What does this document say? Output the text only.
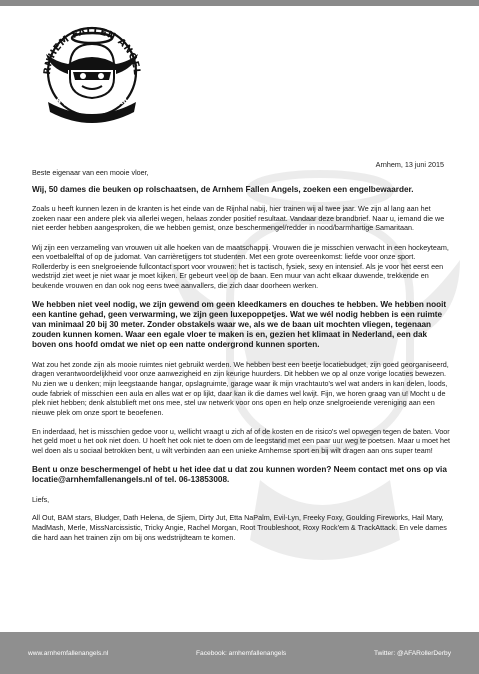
RNHEM FALLEN ANGEL
A BITCH TOO FAR
Arnhem, 13 juni 2015

Beste eigenaar van een mooie vloer,

Wij, 50 dames die beuken op rolschaatsen, de Arnhem Fallen Angels, zoeken een engelbewaarder.

Zoals u heeft kunnen lezen in de kranten is het einde van de Rijnhal nabij, hier trainen wij al twee jaar. We zijn al lang aan het zoeken naar een andere plek via allerlei wegen, helaas zonder positief resultaat. Vandaar deze brandbrief. Naar u, iemand die we niet eerder hebben aangesproken, die we hebben gemist, onze beschermengel/redder in nood/barmhartige Samaritaan.

Wij zijn een verzameling van vrouwen uit alle hoeken van de maatschappij. Vrouwen die je misschien verwacht in een hockeyteam, een voetbalelftal of op de judomat. Van carrièretijgers tot studenten. Met een grote overeenkomst: liefde voor onze sport. Rollerderby is een snelgroeiende fullcontact sport voor vrouwen: het is tactisch, fysiek, sexy en intensief. Als je voor het eerst een wedstrijd ziet weet je niet waar je moet kijken. Er gebeurt veel op de baan. Een muur van acht elkaar duwende, trekkende en beukende vrouwen en dan ook nog eens twee aanvallers, die zich daar doorheen werken.

We hebben niet veel nodig, we zijn gewend om geen kleedkamers en douches te hebben. We hebben nooit een kantine gehad, geen verwarming, we zijn geen luxepoppetjes. Wat we wél nodig hebben is een ruimte van minimaal 20 bij 30 meter. Zonder obstakels waar we, als we de baan uit mochten vliegen, tegenaan zouden kunnen komen. Waar een egale vloer te maken is en, gezien het klimaat in Nederland, een dak boven ons hoofd omdat we niet op een natte ondergrond kunnen sporten.

Wat zou het zonde zijn als mooie ruimtes niet gebruikt werden. We hebben best een beetje locatiebudget, zijn goed georganiseerd, dragen verantwoordelijkheid voor onze aanwezigheid en zijn keurige huurders. Dit hebben we op al onze vorige locaties bewezen. Nu zien we u denken; mijn leegstaande hangar, opslagruimte, garage waar ik mijn vrachtauto's wel wat anders in kan delen, loods, oude fabriek of misschien een aula en alles wat er op lijkt, daar kan ik die dames wel kwijt. Fijn, we horen graag van u! Mocht u de plek niet hebben; denk alstublieft met ons mee, stel uw netwerk voor ons open en help onze snelgroeiende vereniging aan een nieuwe plek om onze sport te beoefenen.

En inderdaad, het is misschien gedoe voor u, wellicht vraagt u zich af of de kosten en de risico's wel opwegen tegen de baten. Voor het geld moet u het ook niet doen. U hoeft het ook niet te doen om de leegstand met een paar uur weg te poetsen. Maar u moet het wel doen als u sociaal betrokken bent, u wilt verbinden aan een unieke Arnhemse sport en bij wilt dragen aan ons super team!

Bent u onze beschermengel of hebt u het idee dat u dat zou kunnen worden? Neem contact met ons op via locatie@arnhemfallenangels.nl of tel. 06-13853008.

Liefs,

All Out, BAM stars, Bludger, Dath Helena, de Sjiem, Dirty Jut, Etta NaPalm, Evil-Lyn, Freeky Foxy, Goulding Fireworks, Hail Mary, MadMash, Merle, MissNarcissistic, Tricky Angie, Rachel Morgan, Root Troubleshoot, Roxy Rock'em & TrackAttack. En vele dames die hard aan het trainen zijn om bij ons wedstrijdteam te komen.

www.arnhemfallenangels.nl	Facebook: arnhemfallenangels	Twitter: @AFARollerDerby
